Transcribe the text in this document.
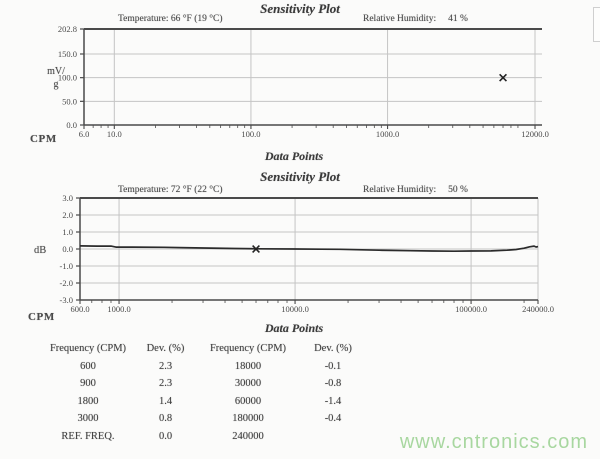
202.8
150.0
100.0
50.0
0.0
6.0 10.0	100.0	1000.0	12000.0
3.0
2.0
1.0
0.0
-1.0
-2.0
-3.0
600.0 1000.0	10000.0	100000.0	240000.0
Sensitivity Plot
Temperature: 66 °F (19 °C)	Relative Humidity: 41 %
mV/
g
CPM
Data Points
Sensitivity Plot
Temperature: 72 °F (22 °C)	Relative Humidity: 50 %
dB
CPM
Data Points
Frequency (CPM)	Dev. (%)	Frequency (CPM)	Dev. (%)
600	2.3	18000	-0.1
900	2.3	30000	-0.8
1800	1.4	60000	-1.4
3000	0.8	180000	-0.4
REF. FREQ.	0.0	240000	www.cntronics.com
